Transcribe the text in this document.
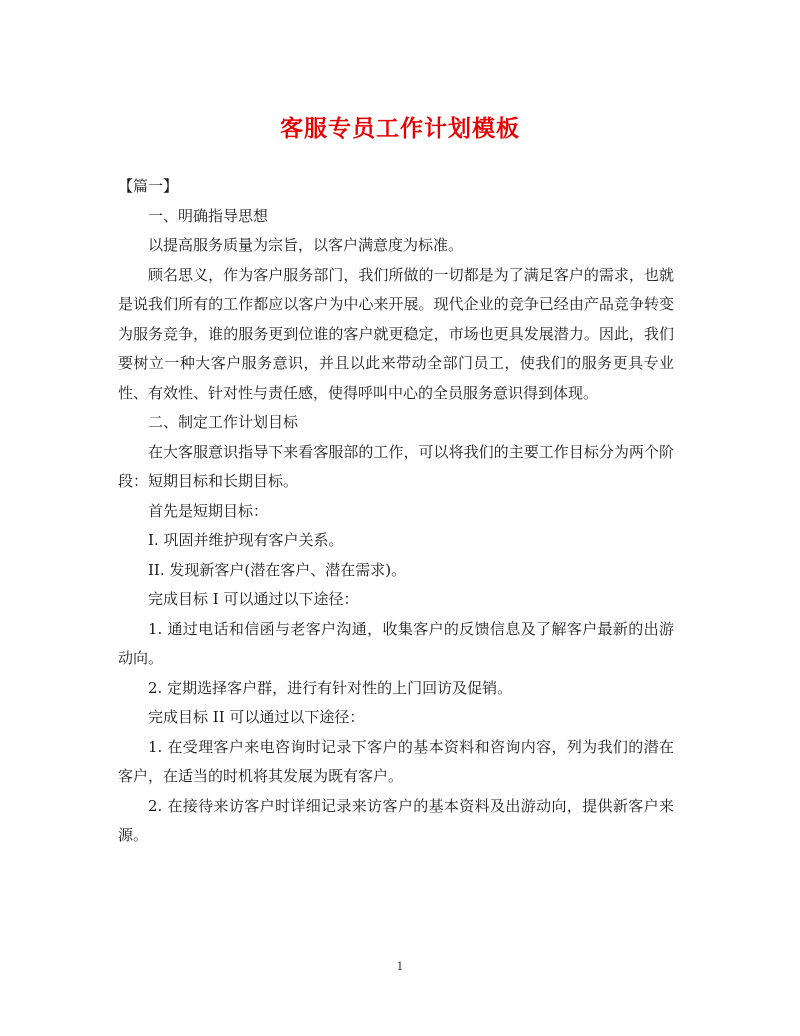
客服专员工作计划模板

【篇一】

一、明确指导思想

以提高服务质量为宗旨，以客户满意度为标准。

顾名思义，作为客户服务部门，我们所做的一切都是为了满足客户的需求，也就是说我们所有的工作都应以客户为中心来开展。现代企业的竞争已经由产品竞争转变为服务竞争，谁的服务更到位谁的客户就更稳定，市场也更具发展潜力。因此，我们要树立一种大客户服务意识，并且以此来带动全部门员工，使我们的服务更具专业性、有效性、针对性与责任感，使得呼叫中心的全员服务意识得到体现。

二、制定工作计划目标

在大客服意识指导下来看客服部的工作，可以将我们的主要工作目标分为两个阶段：短期目标和长期目标。

首先是短期目标：

I. 巩固并维护现有客户关系。

II. 发现新客户(潜在客户、潜在需求)。

完成目标 I 可以通过以下途径：

1. 通过电话和信函与老客户沟通，收集客户的反馈信息及了解客户最新的出游动向。

2. 定期选择客户群，进行有针对性的上门回访及促销。

完成目标 II 可以通过以下途径：

1. 在受理客户来电咨询时记录下客户的基本资料和咨询内容，列为我们的潜在客户，在适当的时机将其发展为既有客户。

2. 在接待来访客户时详细记录来访客户的基本资料及出游动向，提供新客户来源。

1
